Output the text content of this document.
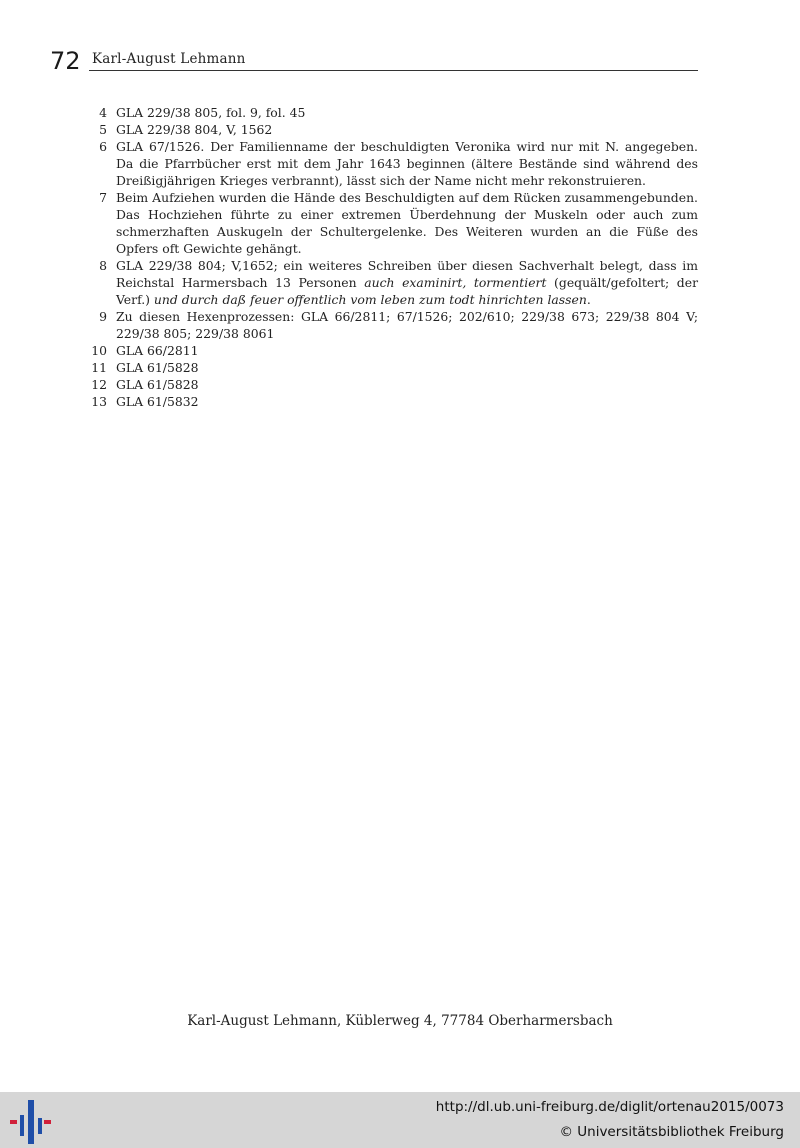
72 Karl-August Lehmann
4 GLA 229/38 805, fol. 9, fol. 45
5 GLA 229/38 804, V, 1562
6 GLA 67/1526. Der Familienname der beschuldigten Veronika wird nur mit N. angegeben. Da die Pfarrbücher erst mit dem Jahr 1643 beginnen (ältere Bestände sind während des Dreißigjährigen Krieges verbrannt), lässt sich der Name nicht mehr rekonstruieren.
7 Beim Aufziehen wurden die Hände des Beschuldigten auf dem Rücken zusammengebunden. Das Hochziehen führte zu einer extremen Überdehnung der Muskeln oder auch zum schmerzhaften Auskugeln der Schultergelenke. Des Weiteren wurden an die Füße des Opfers oft Gewichte gehängt.
8 GLA 229/38 804; V,1652; ein weiteres Schreiben über diesen Sachverhalt belegt, dass im Reichstal Harmersbach 13 Personen auch examinirt, tormentiert (gequält/gefoltert; der Verf.) und durch daß feuer offentlich vom leben zum todt hinrichten lassen.
9 Zu diesen Hexenprozessen: GLA 66/2811; 67/1526; 202/610; 229/38 673; 229/38 804 V; 229/38 805; 229/38 8061
10 GLA 66/2811
11 GLA 61/5828
12 GLA 61/5828
13 GLA 61/5832
Karl-August Lehmann, Küblerweg 4, 77784 Oberharmersbach
http://dl.ub.uni-freiburg.de/diglit/ortenau2015/0073
© Universitätsbibliothek Freiburg
